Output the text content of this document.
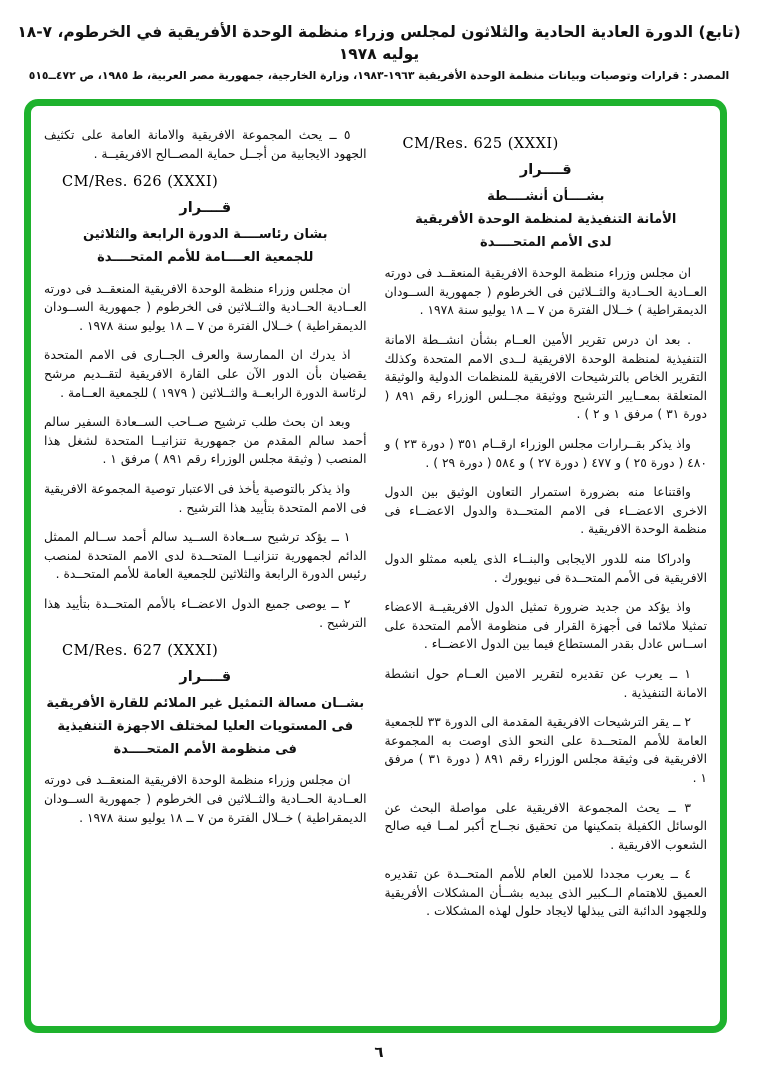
(تابع) الدورة العادية الحادية والثلاثون لمجلس وزراء منظمة الوحدة الأفريقية في الخرطوم، ٧-١٨ يوليه ١٩٧٨
المصدر : قرارات وتوصيات وبيانات منظمة الوحدة الأفريقية ١٩٦٣-١٩٨٣، وزارة الخارجية، جمهورية مصر العربية، ط ١٩٨٥، ص ٤٧٢ــ٥١٥
CM/Res. 625 (XXXI)
قــــرار
بشــــأن أنشــــطة
الأمانة التنفيذية لمنظمة الوحدة الأفريقية
لدى الأمم المتحــــدة

ان مجلس وزراء منظمة الوحدة الافريقية المنعقــد فى دورته العــادية الحــادية والثــلاثين فى الخرطوم ( جمهورية الســودان الديمقراطية ) خــلال الفترة من ٧ ــ ١٨ يوليو سنة ١٩٧٨ .

. بعد ان درس تقرير الأمين العــام بشأن انشــطة الامانة التنفيذية لمنظمة الوحدة الافريقية لــدى الامم المتحدة وكذلك التقرير الخاص بالترشيحات الافريقية للمنظمات الدولية والوثيقة المتعلقة بمعــايير الترشيح ووثيقة مجــلس الوزراء رقم ٨٩١ ( دورة ٣١ ) مرفق ١ و ٢ ) .

واذ يذكر بقــرارات مجلس الوزراء ارقــام ٣٥١ ( دورة ٢٣ ) و ٤٨٠ ( دورة ٢٥ ) و ٤٧٧ ( دورة ٢٧ ) و ٥٨٤ ( دورة ٢٩ ) .

واقتناعا منه بضرورة استمرار التعاون الوثيق بين الدول الاخرى الاعضــاء فى الامم المتحــدة والدول الاعضــاء فى منظمة الوحدة الافريقية .

وادراكا منه للدور الايجابى والبنــاء الذى يلعبه ممثلو الدول الافريقية فى الأمم المتحــدة فى نيويورك .

واذ يؤكد من جديد ضرورة تمثيل الدول الافريقيــة الاعضاء تمثيلا ملائما فى أجهزة القرار فى منظومة الأمم المتحدة على اســاس عادل بقدر المستطاع فيما بين الدول الاعضــاء .

١ ــ يعرب عن تقديره لتقرير الامين العــام حول انشطة الامانة التنفيذية .

٢ ــ يقر الترشيحات الافريقية المقدمة الى الدورة ٣٣ للجمعية العامة للأمم المتحــدة على النحو الذى اوصت به المجموعة الافريقية فى وثيقة مجلس الوزراء رقم ٨٩١ ( دورة ٣١ ) مرفق ١ .

٣ ــ يحث المجموعة الافريقية على مواصلة البحث عن الوسائل الكفيلة بتمكينها من تحقيق نجــاح أكبر لمــا فيه صالح الشعوب الافريقية .

٤ ــ يعرب مجددا للامين العام للأمم المتحــدة عن تقديره العميق للاهتمام الــكبير الذى يبديه بشــأن المشكلات الأفريقية وللجهود الدائبة التى يبذلها لايجاد حلول لهذه المشكلات .

٥ ــ يحث المجموعة الافريقية والامانة العامة على تكثيف الجهود الايجابية من أجــل حماية المصــالح الافريقيــة .

CM/Res. 626 (XXXI)
قــــرار
بشان رئاســــة الدورة الرابعة والثلاثين
للجمعية العــــامة للأمم المتحــــدة

ان مجلس وزراء منظمة الوحدة الافريقية المنعقــد فى دورته العــادية الحــادية والثــلاثين فى الخرطوم ( جمهورية الســودان الديمقراطية ) خــلال الفترة من ٧ ــ ١٨ يوليو سنة ١٩٧٨ .

اذ يدرك ان الممارسة والعرف الجــارى فى الامم المتحدة يقضيان بأن الدور الآن على القارة الافريقية لتقــديم مرشح لرئاسة الدورة الرابعــة والثــلاثين ( ١٩٧٩ ) للجمعية العــامة .

وبعد ان بحث طلب ترشيح صــاحب الســعادة السفير سالم أحمد سالم المقدم من جمهورية تنزانيــا المتحدة لشغل هذا المنصب ( وثيقة مجلس الوزراء رقم ٨٩١ ) مرفق ١ .

واذ يذكر بالتوصية يأخذ فى الاعتبار توصية المجموعة الافريقية فى الامم المتحدة بتأييد هذا الترشيح .

١ ــ يؤكد ترشيح ســعادة الســيد سالم أحمد ســالم الممثل الدائم لجمهورية تنزانيــا المتحــدة لدى الامم المتحدة لمنصب رئيس الدورة الرابعة والثلاثين للجمعية العامة للأمم المتحــدة .

٢ ــ يوصى جميع الدول الاعضــاء بالأمم المتحــدة بتأييد هذا الترشيح .

CM/Res. 627 (XXXI)
قــــرار
بشــان مسالة التمثيل غير الملائم للقارة الأفريقية
فى المستويات العليا لمختلف الاجهزة التنفيذية
فى منظومة الأمم المتحــــدة

ان مجلس وزراء منظمة الوحدة الافريقية المنعقــد فى دورته العــادية الحــادية والثــلاثين فى الخرطوم ( جمهورية الســودان الديمقراطية ) خــلال الفترة من ٧ ــ ١٨ يوليو سنة ١٩٧٨ .

٦
